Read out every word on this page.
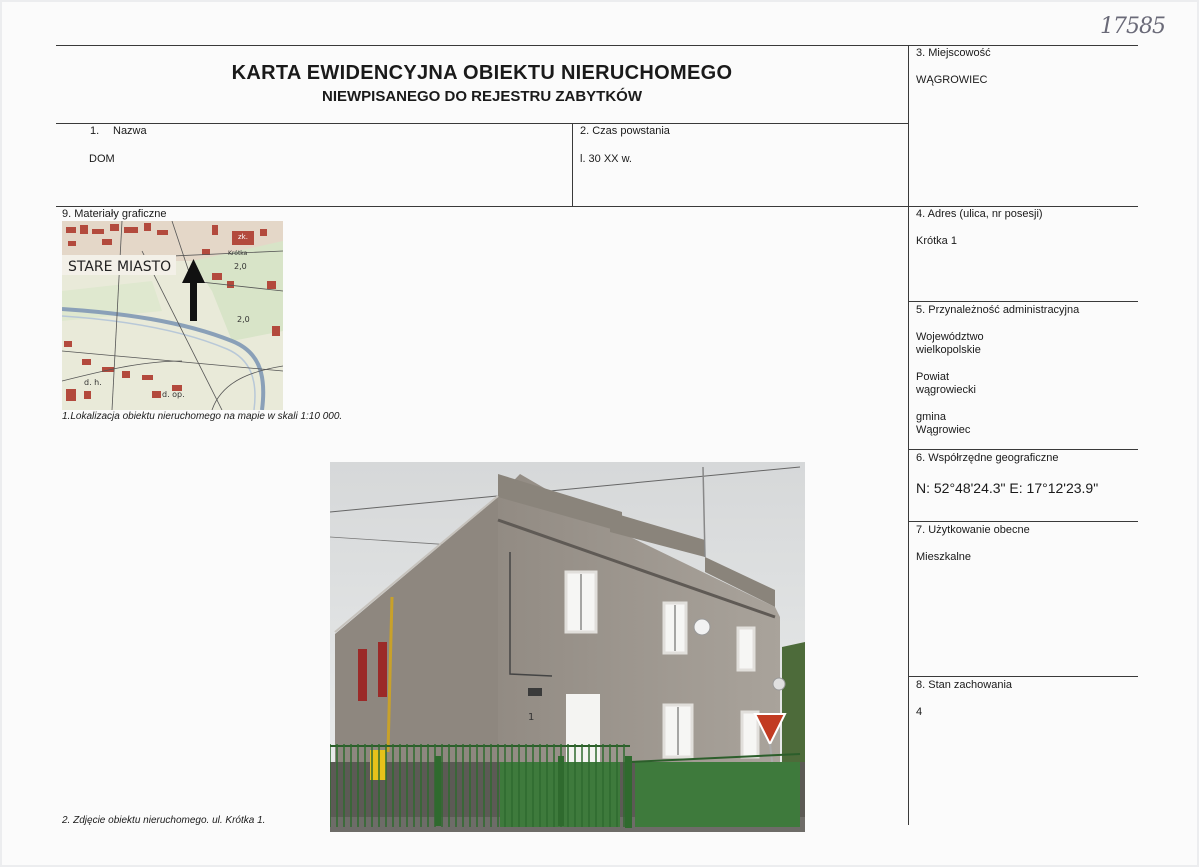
17585
KARTA EWIDENCYJNA OBIEKTU NIERUCHOMEGO
NIEWPISANEGO DO REJESTRU ZABYTKÓW
1. Nazwa
DOM
2. Czas powstania
l. 30 XX w.
3. Miejscowość
WĄGROWIEC
4. Adres (ulica, nr posesji)
Krótka 1
5. Przynależność administracyjna
Województwo
wielkopolskie
Powiat
wągrowiecki
gmina
Wągrowiec
6. Współrzędne geograficzne
N: 52°48'24.3" E: 17°12'23.9"
7. Użytkowanie obecne
Mieszkalne
8. Stan zachowania
4
9. Materiały graficzne
STARE MIASTO	2,0
2,0
Krótka
d. h.
d. op.
zk.
1.Lokalizacja obiektu nieruchomego na mapie w skali 1:10 000.
1
2. Zdjęcie obiektu nieruchomego. ul. Krótka 1.
